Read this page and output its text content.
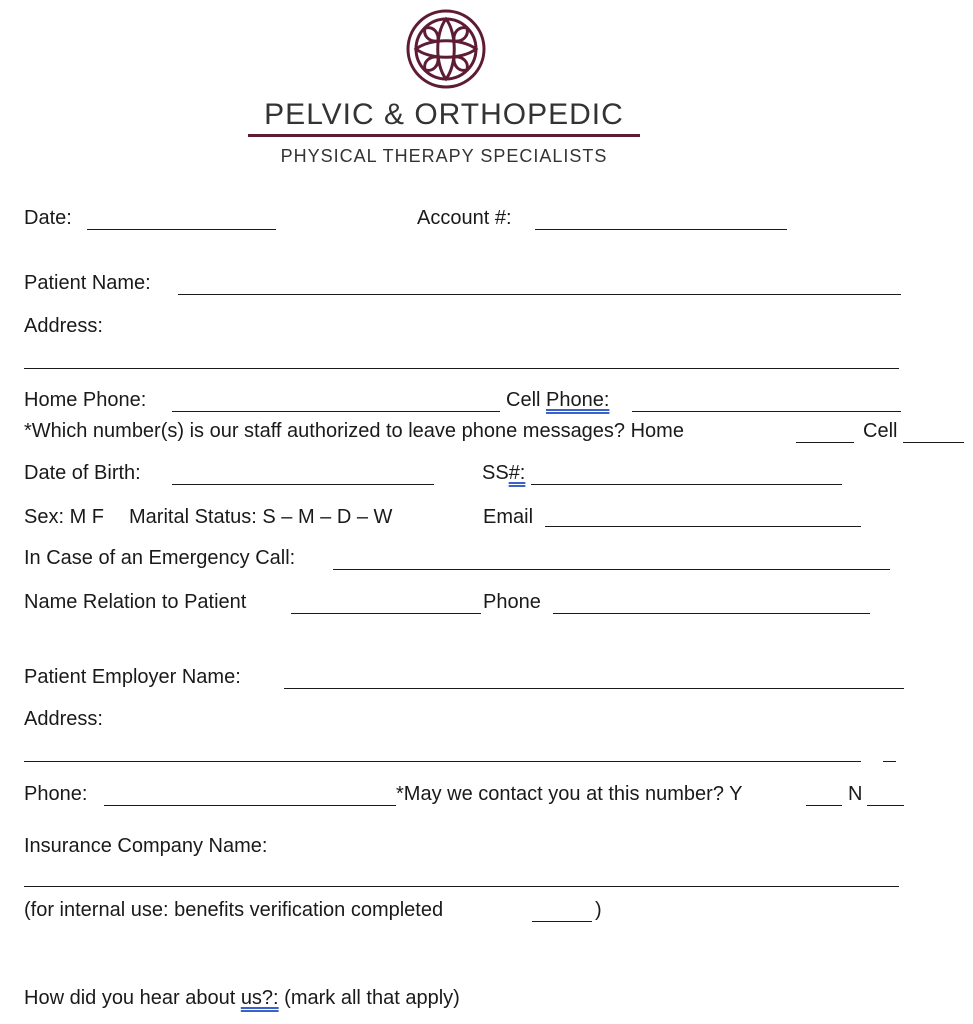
PELVIC & ORTHOPEDIC
PHYSICAL THERAPY SPECIALISTS
Date:	Account #:
Patient Name:
Address:
Home Phone:	Cell Phone:
*Which number(s) is our staff authorized to leave phone messages? Home	Cell
Date of Birth:	SS#:
Sex: M F Marital Status: S – M – D – W	Email
In Case of an Emergency Call:
Name Relation to Patient	Phone
Patient Employer Name:
Address:
Phone:	*May we contact you at this number? Y	N
Insurance Company Name:
(for internal use: benefits verification completed	)
How did you hear about us?: (mark all that apply)
